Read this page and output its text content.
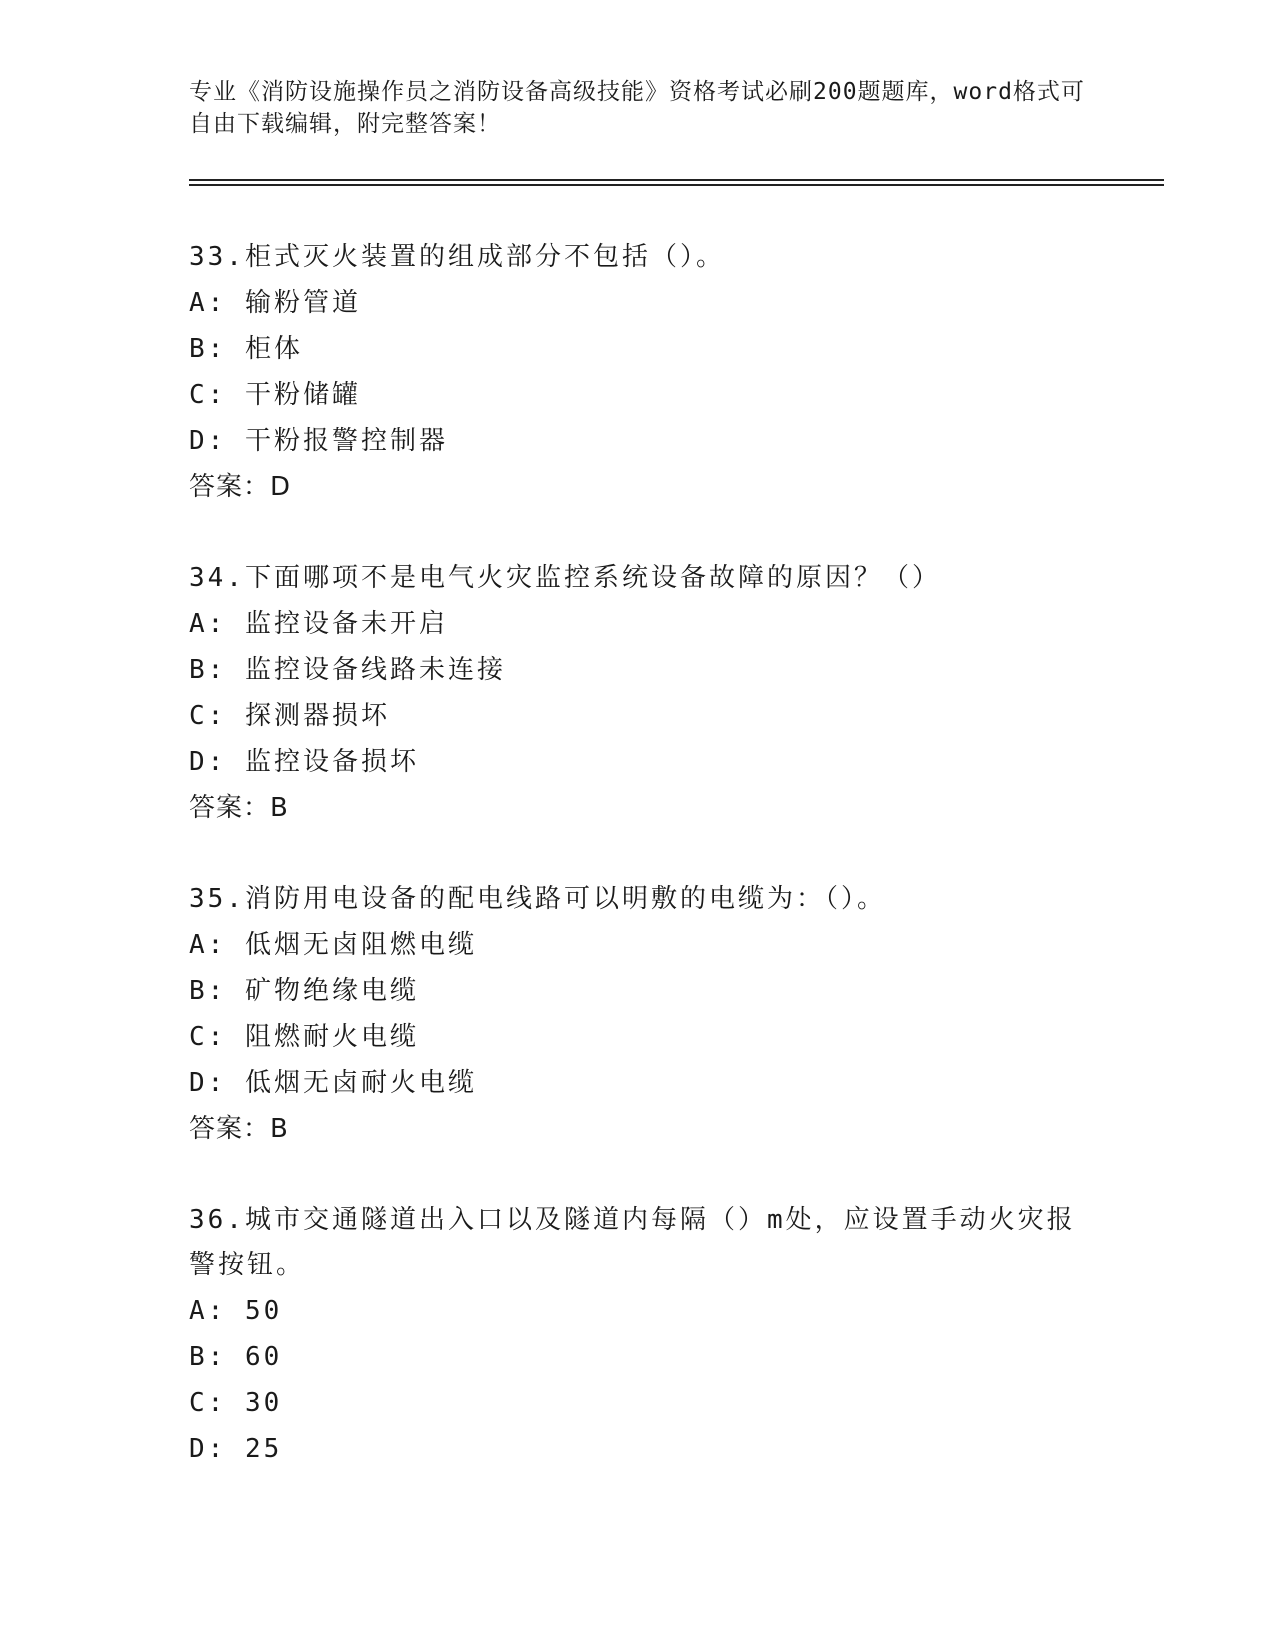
专业《消防设施操作员之消防设备高级技能》资格考试必刷200题题库，word格式可自由下载编辑，附完整答案！
33.柜式灭火装置的组成部分不包括（）。
A: 输粉管道
B: 柜体
C: 干粉储罐
D: 干粉报警控制器
答案：D
34.下面哪项不是电气火灾监控系统设备故障的原因？（）
A: 监控设备未开启
B: 监控设备线路未连接
C: 探测器损坏
D: 监控设备损坏
答案：B
35.消防用电设备的配电线路可以明敷的电缆为：（）。
A: 低烟无卤阻燃电缆
B: 矿物绝缘电缆
C: 阻燃耐火电缆
D: 低烟无卤耐火电缆
答案：B
36.城市交通隧道出入口以及隧道内每隔（）m处，应设置手动火灾报警按钮。
A: 50
B: 60
C: 30
D: 25
